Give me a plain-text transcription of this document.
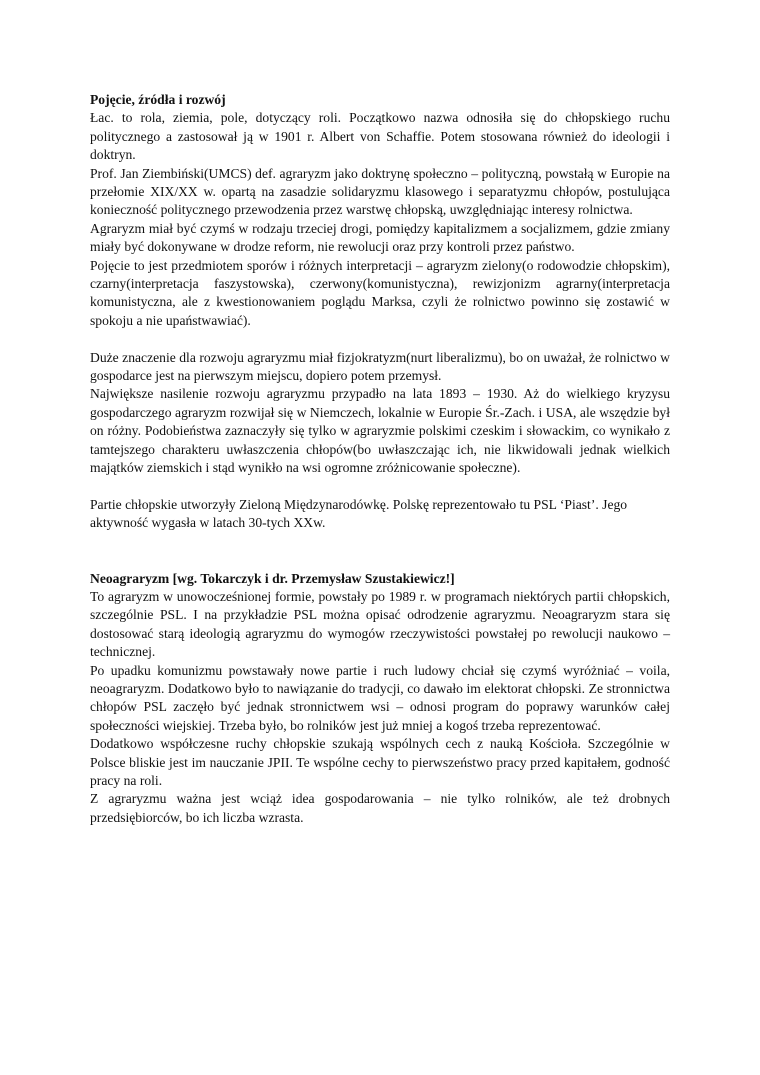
Pojęcie, źródła i rozwój

Łac. to rola, ziemia, pole, dotyczący roli. Początkowo nazwa odnosiła się do chłopskiego ruchu politycznego a zastosował ją w 1901 r. Albert von Schaffie. Potem stosowana również do ideologii i doktryn.

Prof. Jan Ziembiński(UMCS) def. agraryzm jako doktrynę społeczno – polityczną, powstałą w Europie na przełomie XIX/XX w. opartą na zasadzie solidaryzmu klasowego i separatyzmu chłopów, postulująca konieczność politycznego przewodzenia przez warstwę chłopską, uwzględniając interesy rolnictwa.

Agraryzm miał być czymś w rodzaju trzeciej drogi, pomiędzy kapitalizmem a socjalizmem, gdzie zmiany miały być dokonywane w drodze reform, nie rewolucji oraz przy kontroli przez państwo.

Pojęcie to jest przedmiotem sporów i różnych interpretacji – agraryzm zielony(o rodowodzie chłopskim), czarny(interpretacja faszystowska), czerwony(komunistyczna), rewizjonizm agrarny(interpretacja komunistyczna, ale z kwestionowaniem poglądu Marksa, czyli że rolnictwo powinno się zostawić w spokoju a nie upaństwawiać).

Duże znaczenie dla rozwoju agraryzmu miał fizjokratyzm(nurt liberalizmu), bo on uważał, że rolnictwo w gospodarce jest na pierwszym miejscu, dopiero potem przemysł.

Największe nasilenie rozwoju agraryzmu przypadło na lata 1893 – 1930. Aż do wielkiego kryzysu gospodarczego agraryzm rozwijał się w Niemczech, lokalnie w Europie Śr.-Zach. i USA, ale wszędzie był on różny. Podobieństwa zaznaczyły się tylko w agraryzmie polskimi czeskim i słowackim, co wynikało z tamtejszego charakteru uwłaszczenia chłopów(bo uwłaszczając ich, nie likwidowali jednak wielkich majątków ziemskich i stąd wynikło na wsi ogromne zróżnicowanie społeczne).

Partie chłopskie utworzyły Zieloną Międzynarodówkę. Polskę reprezentowało tu PSL ‘Piast’. Jego aktywność wygasła w latach 30-tych XXw.

Neoagraryzm [wg. Tokarczyk i dr. Przemysław Szustakiewicz!]

To agraryzm w unowocześnionej formie, powstały po 1989 r. w programach niektórych partii chłopskich, szczególnie PSL. I na przykładzie PSL można opisać odrodzenie agraryzmu. Neoagraryzm stara się dostosować starą ideologią agraryzmu do wymogów rzeczywistości powstałej po rewolucji naukowo – technicznej.

Po upadku komunizmu powstawały nowe partie i ruch ludowy chciał się czymś wyróżniać – voila, neoagraryzm. Dodatkowo było to nawiązanie do tradycji, co dawało im elektorat chłopski. Ze stronnictwa chłopów PSL zaczęło być jednak stronnictwem wsi – odnosi program do poprawy warunków całej społeczności wiejskiej. Trzeba było, bo rolników jest już mniej a kogoś trzeba reprezentować.

Dodatkowo współczesne ruchy chłopskie szukają wspólnych cech z nauką Kościoła. Szczególnie w Polsce bliskie jest im nauczanie JPII. Te wspólne cechy to pierwszeństwo pracy przed kapitałem, godność pracy na roli.

Z agraryzmu ważna jest wciąż idea gospodarowania – nie tylko rolników, ale też drobnych przedsiębiorców, bo ich liczba wzrasta.
